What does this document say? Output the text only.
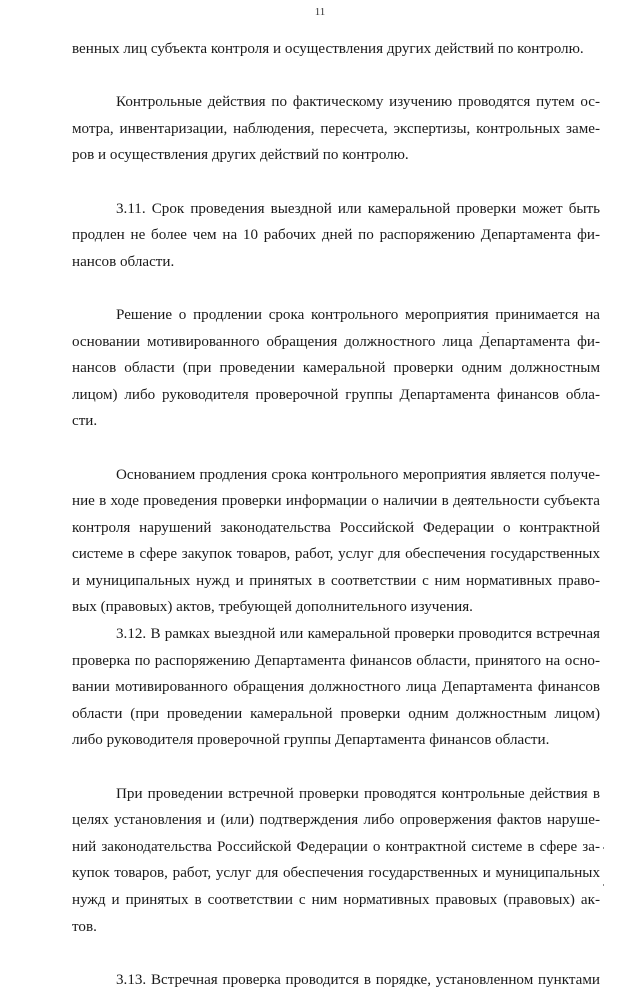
11
венных лиц субъекта контроля и осуществления других действий по контролю.
Контрольные действия по фактическому изучению проводятся путем ос-
мотра, инвентаризации, наблюдения, пересчета, экспертизы, контрольных заме-
ров и осуществления других действий по контролю.
3.11. Срок проведения выездной или камеральной проверки может быть
продлен не более чем на 10 рабочих дней по распоряжению Департамента фи-
нансов области.
Решение о продлении срока контрольного мероприятия принимается на
основании мотивированного обращения должностного лица Департамента фи-
нансов области (при проведении камеральной проверки одним должностным
лицом) либо руководителя проверочной группы Департамента финансов обла-
сти.
Основанием продления срока контрольного мероприятия является получе-
ние в ходе проведения проверки информации о наличии в деятельности субъекта
контроля нарушений законодательства Российской Федерации о контрактной
системе в сфере закупок товаров, работ, услуг для обеспечения государственных
и муниципальных нужд и принятых в соответствии с ним нормативных право-
вых (правовых) актов, требующей дополнительного изучения.
3.12. В рамках выездной или камеральной проверки проводится встречная
проверка по распоряжению Департамента финансов области, принятого на осно-
вании мотивированного обращения должностного лица Департамента финансов
области (при проведении камеральной проверки одним должностным лицом)
либо руководителя проверочной группы Департамента финансов области.
При проведении встречной проверки проводятся контрольные действия в
целях установления и (или) подтверждения либо опровержения фактов наруше-
ний законодательства Российской Федерации о контрактной системе в сфере за-
купок товаров, работ, услуг для обеспечения государственных и муниципальных
нужд и принятых в соответствии с ним нормативных правовых (правовых) ак-
тов.
3.13. Встречная проверка проводится в порядке, установленном пунктами
